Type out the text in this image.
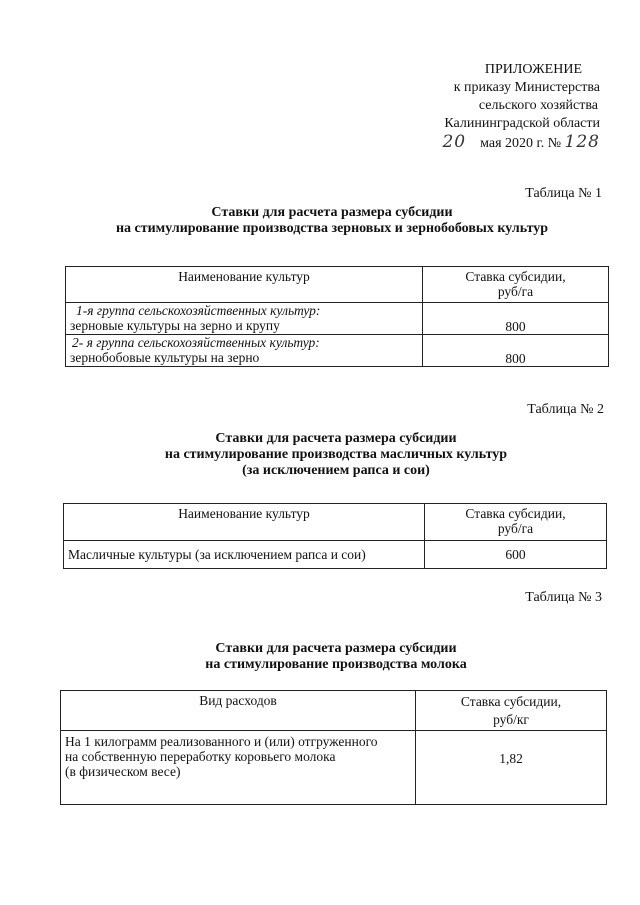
ПРИЛОЖЕНИЕ
к приказу Министерства
сельского хозяйства
Калининградской области
20 мая 2020 г. № 128
Таблица № 1
Ставки для расчета размера субсидии
на стимулирование производства зерновых и зернобобовых культур
Наименование культур	Ставка субсидии,
руб/га

1-я группа сельскохозяйственных культур:
зерновые культуры на зерно и крупу	800

2- я группа сельскохозяйственных культур:
зернобобовые культуры на зерно	800
Таблица № 2
Ставки для расчета размера субсидии
на стимулирование производства масличных культур
(за исключением рапса и сои)
Наименование культур	Ставка субсидии,
руб/га

Масличные культуры (за исключением рапса и сои)	600
Таблица № 3
Ставки для расчета размера субсидии
на стимулирование производства молока
Вид расходов	Ставка субсидии,
руб/кг

На 1 килограмм реализованного и (или) отгруженного
на собственную переработку коровьего молока
(в физическом весе)	1,82
